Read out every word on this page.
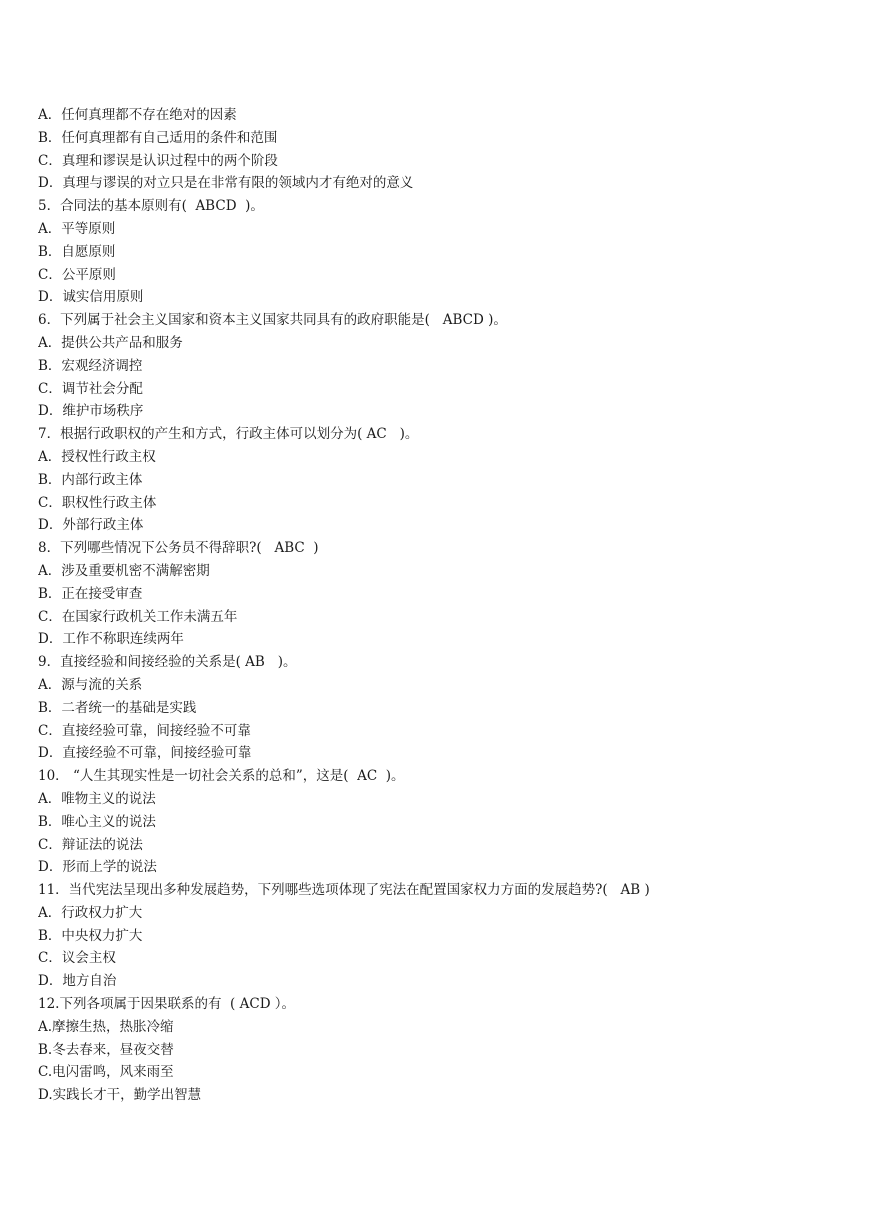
A．任何真理都不存在绝对的因素
B．任何真理都有自己适用的条件和范围
C．真理和谬误是认识过程中的两个阶段
D．真理与谬误的对立只是在非常有限的领域内才有绝对的意义
5．合同法的基本原则有(  ABCD  )。
A．平等原则
B．自愿原则
C．公平原则
D．诚实信用原则
6．下列属于社会主义国家和资本主义国家共同具有的政府职能是(   ABCD )。
A．提供公共产品和服务
B．宏观经济调控
C．调节社会分配
D．维护市场秩序
7．根据行政职权的产生和方式，行政主体可以划分为( AC   )。
A．授权性行政主权
B．内部行政主体
C．职权性行政主体
D．外部行政主体
8．下列哪些情况下公务员不得辞职?(   ABC  )
A．涉及重要机密不满解密期
B．正在接受审查
C．在国家行政机关工作未满五年
D．工作不称职连续两年
9．直接经验和间接经验的关系是( AB   )。
A．源与流的关系
B．二者统一的基础是实践
C．直接经验可靠，间接经验不可靠
D．直接经验不可靠，间接经验可靠
10． “人生其现实性是一切社会关系的总和”，这是(  AC  )。
A．唯物主义的说法
B．唯心主义的说法
C．辩证法的说法
D．形而上学的说法
11．当代宪法呈现出多种发展趋势，下列哪些选项体现了宪法在配置国家权力方面的发展趋势?(   AB )
A．行政权力扩大
B．中央权力扩大
C．议会主权
D．地方自治
12.下列各项属于因果联系的有  ( ACD ）。
A.摩擦生热，热胀冷缩
B.冬去春来，昼夜交替
C.电闪雷鸣，风来雨至
D.实践长才干，勤学出智慧
